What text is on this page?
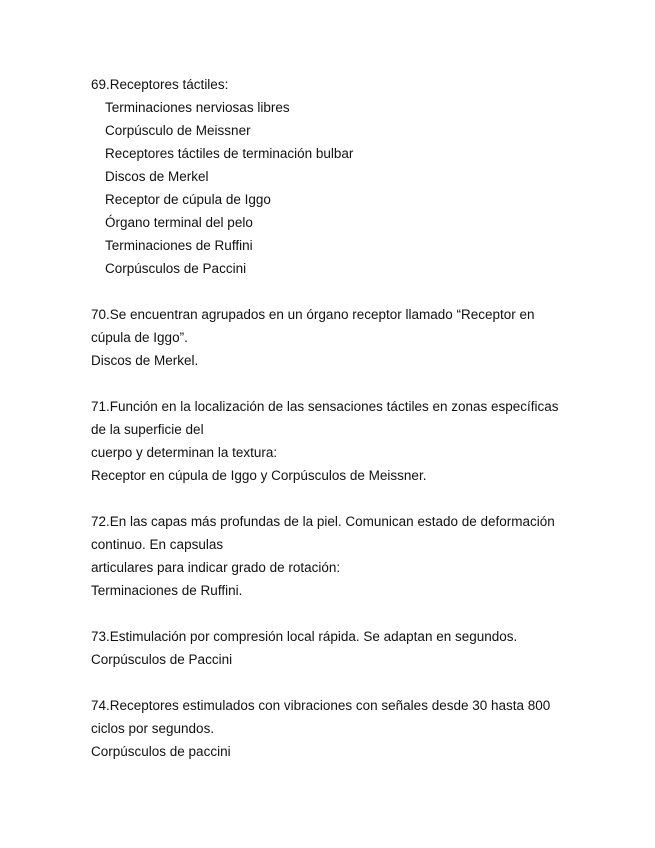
69.Receptores táctiles:
Terminaciones nerviosas libres
Corpúsculo de Meissner
Receptores táctiles de terminación bulbar
Discos de Merkel
Receptor de cúpula de Iggo
Órgano terminal del pelo
Terminaciones de Ruffini
Corpúsculos de Paccini
70.Se encuentran agrupados en un órgano receptor llamado “Receptor en
cúpula de Iggo”.
Discos de Merkel.
71.Función en la localización de las sensaciones táctiles en zonas específicas
de la superficie del
cuerpo y determinan la textura:
Receptor en cúpula de Iggo y Corpúsculos de Meissner.
72.En las capas más profundas de la piel. Comunican estado de deformación
continuo. En capsulas
articulares para indicar grado de rotación:
Terminaciones de Ruffini.
73.Estimulación por compresión local rápida. Se adaptan en segundos.
Corpúsculos de Paccini
74.Receptores estimulados con vibraciones con señales desde 30 hasta 800
ciclos por segundos.
Corpúsculos de paccini
